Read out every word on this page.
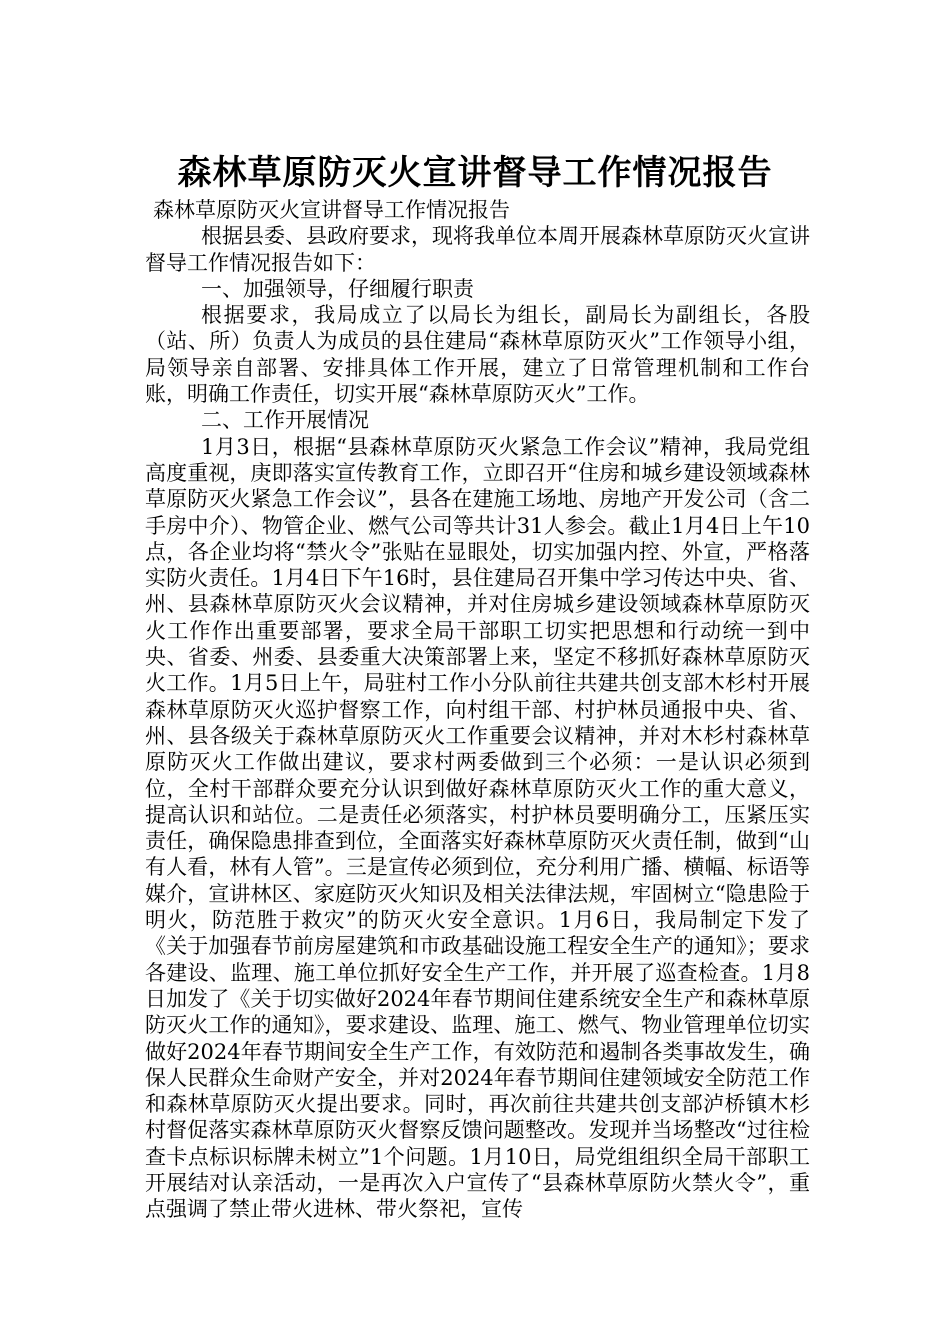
森林草原防灭火宣讲督导工作情况报告

森林草原防灭火宣讲督导工作情况报告

根据县委、县政府要求，现将我单位本周开展森林草原防灭火宣讲督导工作情况报告如下：

一、加强领导，仔细履行职责

根据要求，我局成立了以局长为组长，副局长为副组长，各股（站、所）负责人为成员的县住建局“森林草原防灭火”工作领导小组，局领导亲自部署、安排具体工作开展，建立了日常管理机制和工作台账，明确工作责任，切实开展“森林草原防灭火”工作。

二、工作开展情况

1月3日，根据“县森林草原防灭火紧急工作会议”精神，我局党组高度重视，庚即落实宣传教育工作，立即召开“住房和城乡建设领域森林草原防灭火紧急工作会议”，县各在建施工场地、房地产开发公司（含二手房中介）、物管企业、燃气公司等共计31人参会。截止1月4日上午10点，各企业均将“禁火令”张贴在显眼处，切实加强内控、外宣，严格落实防火责任。1月4日下午16时，县住建局召开集中学习传达中央、省、州、县森林草原防灭火会议精神，并对住房城乡建设领域森林草原防灭火工作作出重要部署，要求全局干部职工切实把思想和行动统一到中央、省委、州委、县委重大决策部署上来，坚定不移抓好森林草原防灭火工作。1月5日上午，局驻村工作小分队前往共建共创支部木杉村开展森林草原防灭火巡护督察工作，向村组干部、村护林员通报中央、省、州、县各级关于森林草原防灭火工作重要会议精神，并对木杉村森林草原防灭火工作做出建议，要求村两委做到三个必须：一是认识必须到位，全村干部群众要充分认识到做好森林草原防灭火工作的重大意义，提高认识和站位。二是责任必须落实，村护林员要明确分工，压紧压实责任，确保隐患排查到位，全面落实好森林草原防灭火责任制，做到“山有人看，林有人管”。三是宣传必须到位，充分利用广播、横幅、标语等媒介，宣讲林区、家庭防灭火知识及相关法律法规，牢固树立“隐患险于明火，防范胜于救灾”的防灭火安全意识。1月6日，我局制定下发了《关于加强春节前房屋建筑和市政基础设施工程安全生产的通知》；要求各建设、监理、施工单位抓好安全生产工作，并开展了巡查检查。1月8日加发了《关于切实做好2024年春节期间住建系统安全生产和森林草原防灭火工作的通知》，要求建设、监理、施工、燃气、物业管理单位切实做好2024年春节期间安全生产工作，有效防范和遏制各类事故发生，确保人民群众生命财产安全，并对2024年春节期间住建领域安全防范工作和森林草原防灭火提出要求。同时，再次前往共建共创支部泸桥镇木杉村督促落实森林草原防灭火督察反馈问题整改。发现并当场整改“过往检查卡点标识标牌未树立”1个问题。1月10日，局党组组织全局干部职工开展结对认亲活动，一是再次入户宣传了“县森林草原防火禁火令”，重点强调了禁止带火进林、带火祭祀，宣传
